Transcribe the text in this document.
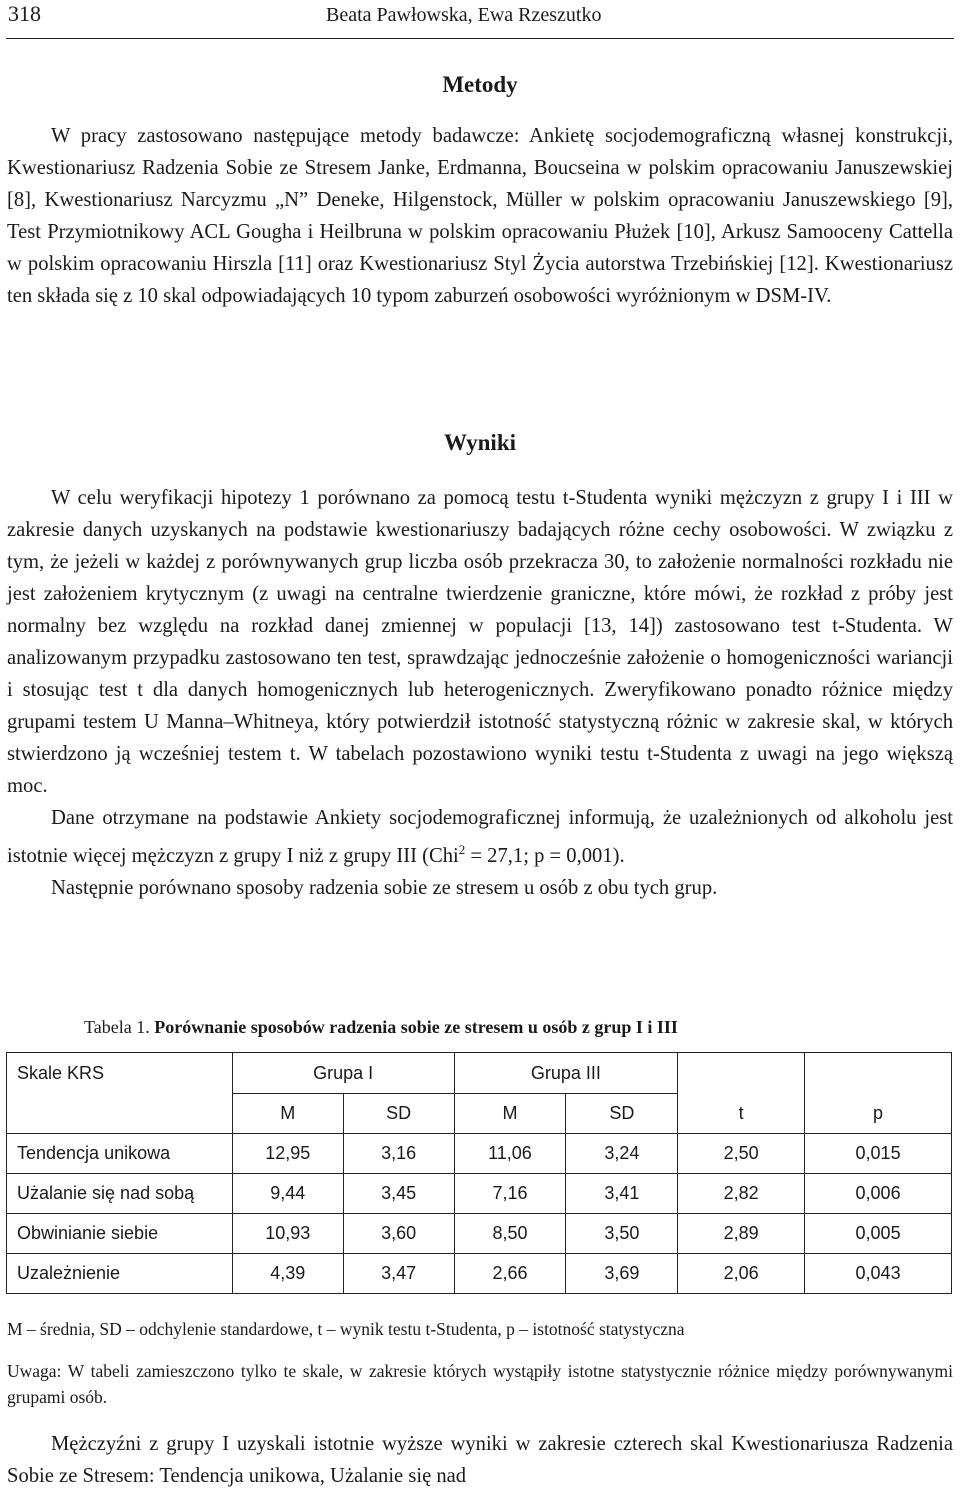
318	Beata Pawłowska, Ewa Rzeszutko
Metody

W pracy zastosowano następujące metody badawcze: Ankietę socjodemograficzną własnej konstrukcji, Kwestionariusz Radzenia Sobie ze Stresem Janke, Erdmanna, Boucseina w polskim opracowaniu Januszewskiej [8], Kwestionariusz Narcyzmu „N” Deneke, Hilgenstock, Müller w polskim opracowaniu Januszewskiego [9], Test Przymiotnikowy ACL Gougha i Heilbruna w polskim opracowaniu Płużek [10], Arkusz Samooceny Cattella w polskim opracowaniu Hirszla [11] oraz Kwestionariusz Styl Życia autorstwa Trzebińskiej [12]. Kwestionariusz ten składa się z 10 skal odpowiadających 10 typom zaburzeń osobowości wyróżnionym w DSM-IV.

Wyniki

W celu weryfikacji hipotezy 1 porównano za pomocą testu t-Studenta wyniki mężczyzn z grupy I i III w zakresie danych uzyskanych na podstawie kwestionariuszy badających różne cechy osobowości. W związku z tym, że jeżeli w każdej z porównywanych grup liczba osób przekracza 30, to założenie normalności rozkładu nie jest założeniem krytycznym (z uwagi na centralne twierdzenie graniczne, które mówi, że rozkład z próby jest normalny bez względu na rozkład danej zmiennej w populacji [13, 14]) zastosowano test t-Studenta. W analizowanym przypadku zastosowano ten test, sprawdzając jednocześnie założenie o homogeniczności wariancji i stosując test t dla danych homogenicznych lub heterogenicznych. Zweryfikowano ponadto różnice między grupami testem U Manna–Whitneya, który potwierdził istotność statystyczną różnic w zakresie skal, w których stwierdzono ją wcześniej testem t. W tabelach pozostawiono wyniki testu t-Studenta z uwagi na jego większą moc.

Dane otrzymane na podstawie Ankiety socjodemograficznej informują, że uzależnionych od alkoholu jest istotnie więcej mężczyzn z grupy I niż z grupy III (Chi$^2$ = 27,1; p = 0,001).

Następnie porównano sposoby radzenia sobie ze stresem u osób z obu tych grup.

Tabela 1. Porównanie sposobów radzenia sobie ze stresem u osób z grup I i III
Skale KRS	Grupa I		Grupa III			
	M	SD	M	SD	t	p
Tendencja unikowa	12,95	3,16	11,06	3,24	2,50	0,015
Użalanie się nad sobą	9,44	3,45	7,16	3,41	2,82	0,006
Obwinianie siebie	10,93	3,60	8,50	3,50	2,89	0,005
Uzależnienie	4,39	3,47	2,66	3,69	2,06	0,043
M – średnia, SD – odchylenie standardowe, t – wynik testu t-Studenta, p – istotność statystyczna
Uwaga: W tabeli zamieszczono tylko te skale, w zakresie których wystąpiły istotne statystycznie różnice między porównywanymi grupami osób.

Mężczyźni z grupy I uzyskali istotnie wyższe wyniki w zakresie czterech skal Kwestionariusza Radzenia Sobie ze Stresem: Tendencja unikowa, Użalanie się nad
